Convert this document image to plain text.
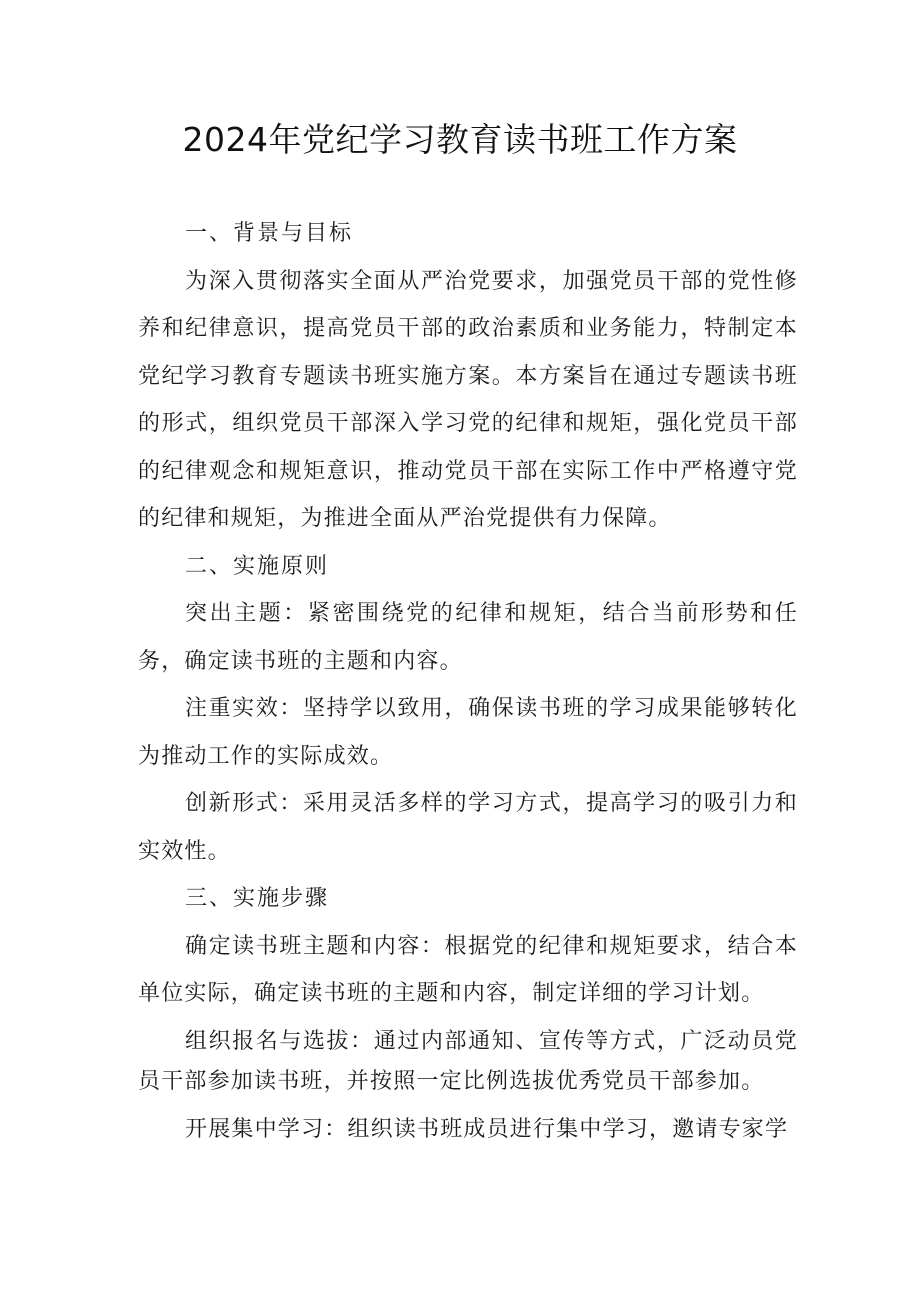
2024年党纪学习教育读书班工作方案

一、背景与目标

为深入贯彻落实全面从严治党要求，加强党员干部的党性修养和纪律意识，提高党员干部的政治素质和业务能力，特制定本党纪学习教育专题读书班实施方案。本方案旨在通过专题读书班的形式，组织党员干部深入学习党的纪律和规矩，强化党员干部的纪律观念和规矩意识，推动党员干部在实际工作中严格遵守党的纪律和规矩，为推进全面从严治党提供有力保障。

二、实施原则

突出主题：紧密围绕党的纪律和规矩，结合当前形势和任务，确定读书班的主题和内容。

注重实效：坚持学以致用，确保读书班的学习成果能够转化为推动工作的实际成效。

创新形式：采用灵活多样的学习方式，提高学习的吸引力和实效性。

三、实施步骤

确定读书班主题和内容：根据党的纪律和规矩要求，结合本单位实际，确定读书班的主题和内容，制定详细的学习计划。

组织报名与选拔：通过内部通知、宣传等方式，广泛动员党员干部参加读书班，并按照一定比例选拔优秀党员干部参加。

开展集中学习：组织读书班成员进行集中学习，邀请专家学
